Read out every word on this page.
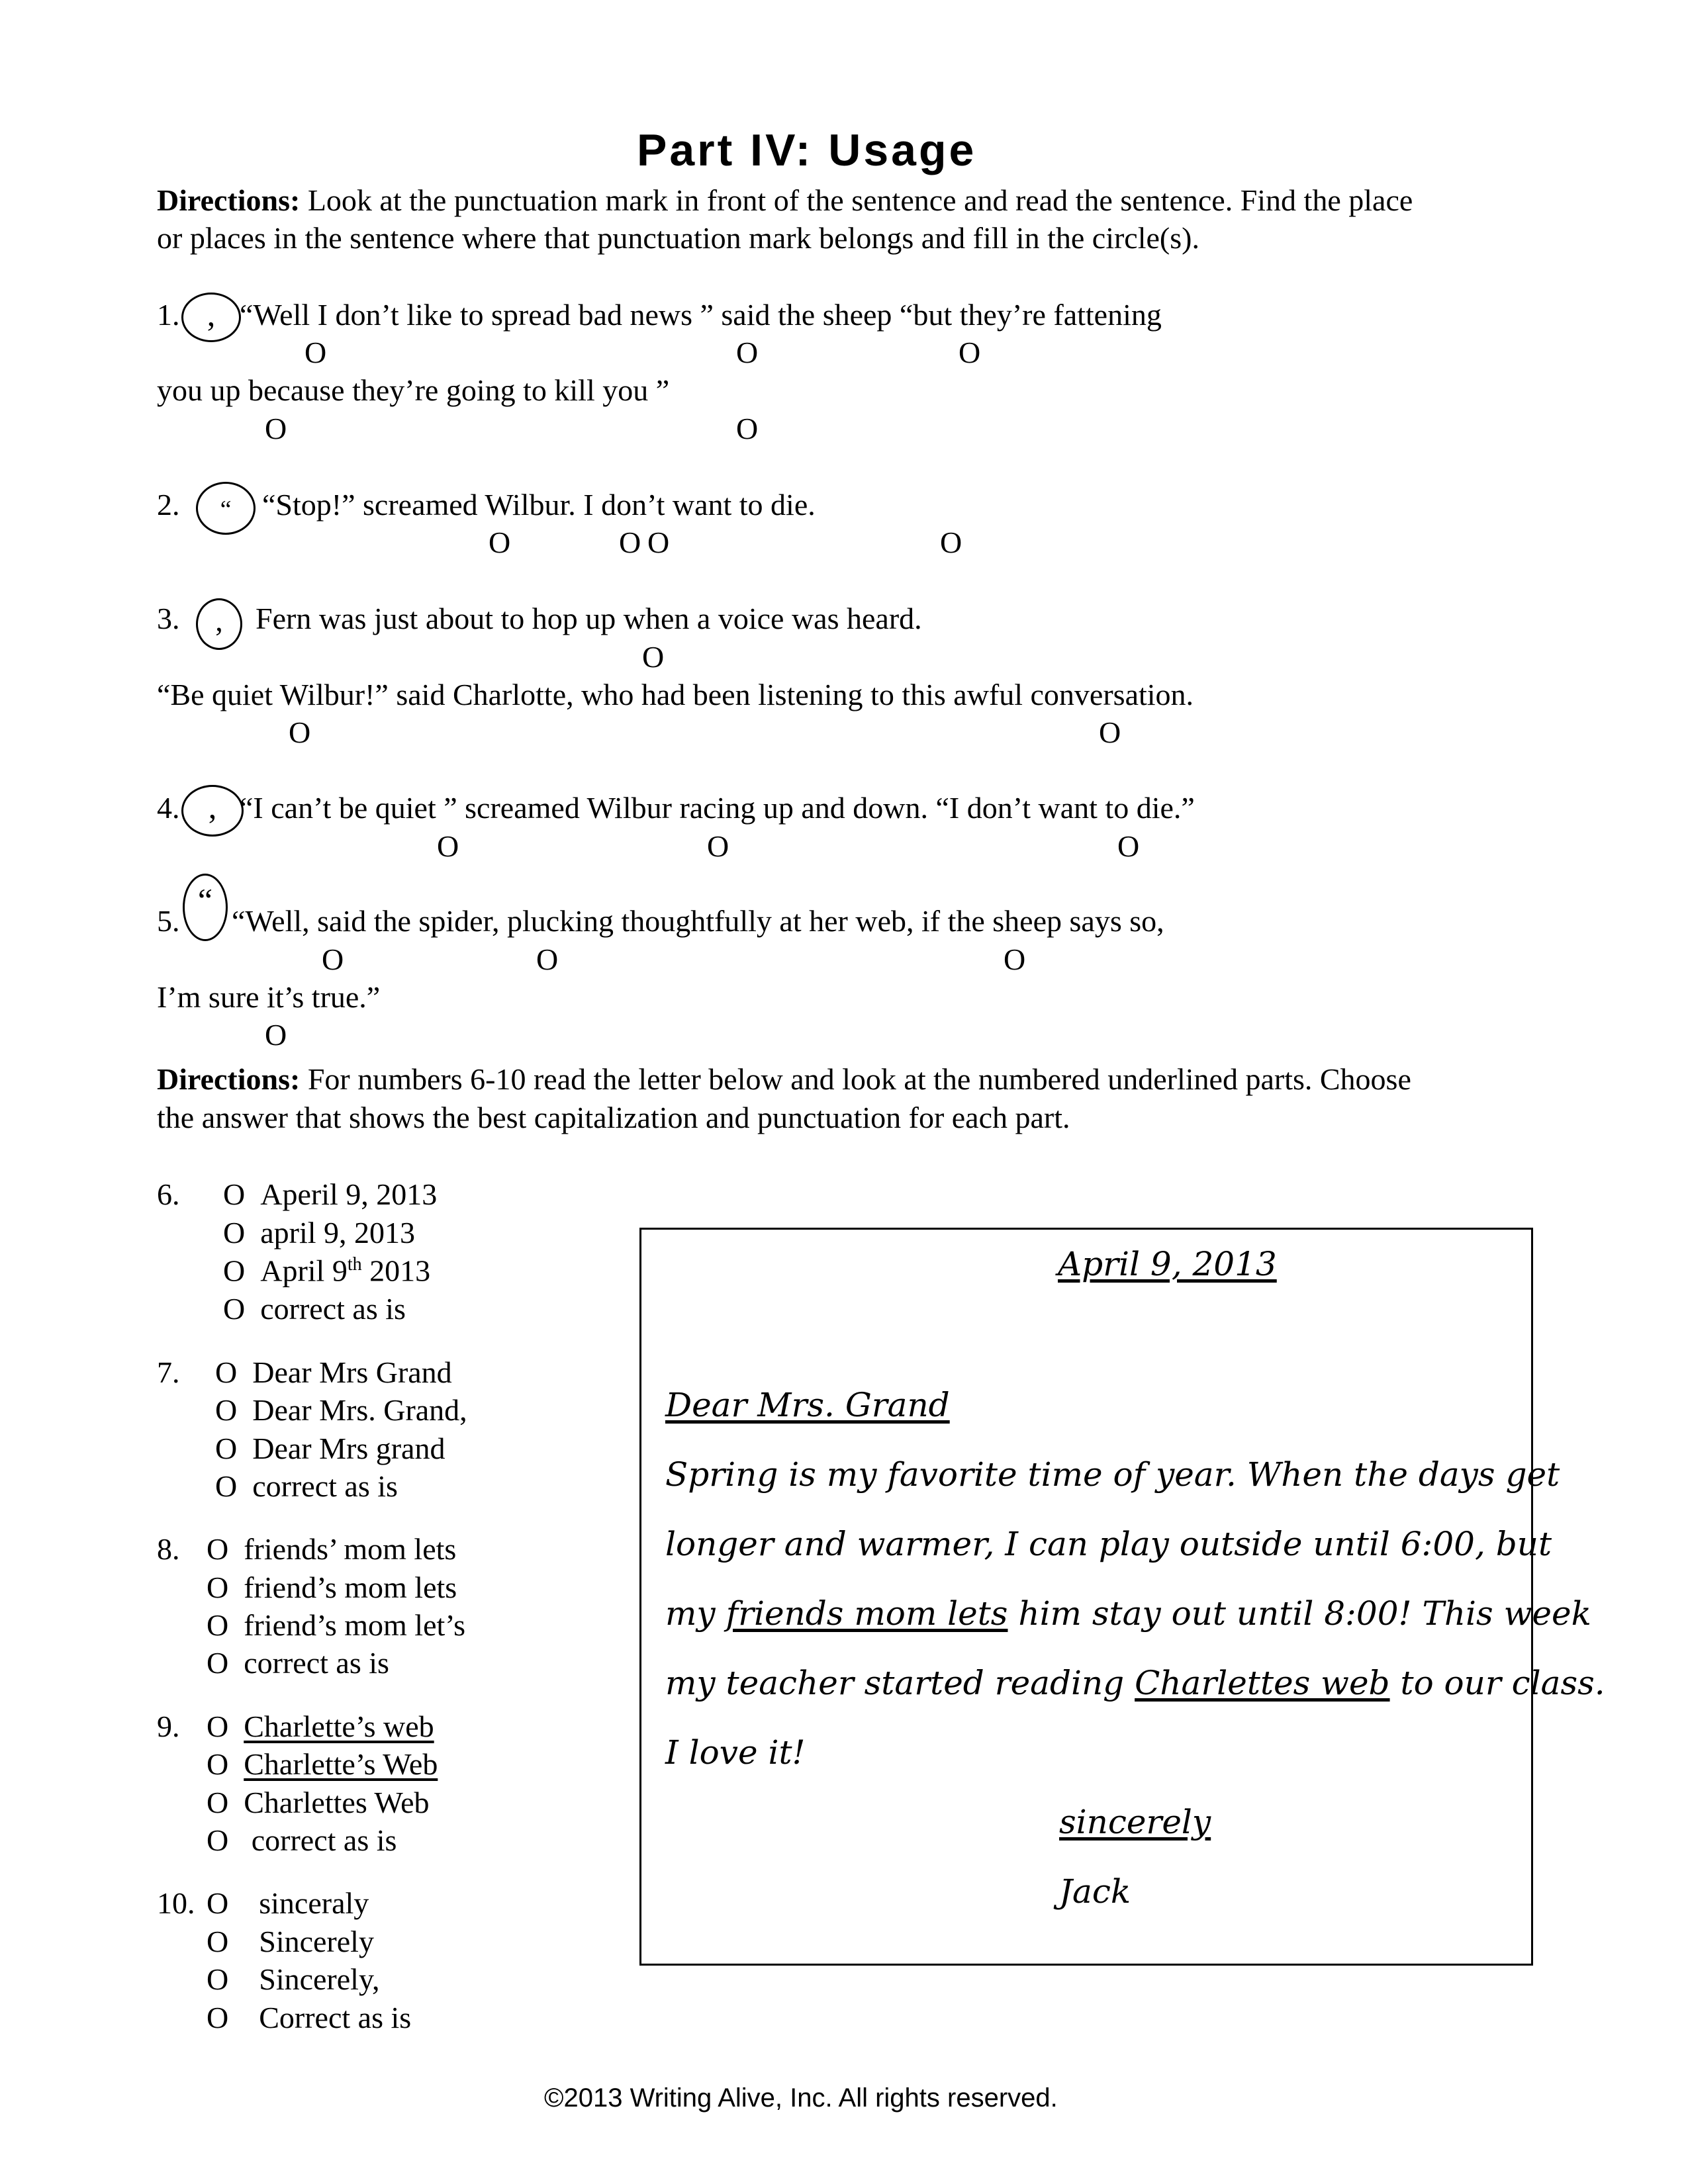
Part IV: Usage
Directions: Look at the punctuation mark in front of the sentence and read the sentence. Find the place
or places in the sentence where that punctuation mark belongs and fill in the circle(s).
1. , “Well I don’t like to spread bad news ” said the sheep “but they’re fattening
O	O	O
you up because they’re going to kill you ”
O	O
2.	“	“Stop!” screamed Wilbur. I don’t want to die.
O	O O	O
3.	,	Fern was just about to hop up when a voice was heard.
O
“Be quiet Wilbur!” said Charlotte, who had been listening to this awful conversation.
O	O
4. , “I can’t be quiet ” screamed Wilbur racing up and down. “I don’t want to die.”
O	O	O
5.
“
“Well, said the spider, plucking thoughtfully at her web, if the sheep says so,
O	O	O
I’m sure it’s true.”
O
Directions: For numbers 6-10 read the letter below and look at the numbered underlined parts. Choose
the answer that shows the best capitalization and punctuation for each part.
6. O Aperil 9, 2013
O april 9, 2013
O April 9th 2013
O correct as is
7. O Dear Mrs Grand
O Dear Mrs. Grand,
O Dear Mrs grand
O correct as is
8. O friends’ mom lets
O friend’s mom lets
O friend’s mom let’s
O correct as is
9. O Charlette’s web
O Charlette’s Web
O Charlettes Web
O correct as is
10. O sinceraly
O Sincerely
O Sincerely,
O Correct as is
April 9, 2013
Dear Mrs. Grand
Spring is my favorite time of year. When the days get
longer and warmer, I can play outside until 6:00, but
my friends mom lets him stay out until 8:00! This week
my teacher started reading Charlettes web to our class.
I love it!
sincerely
Jack
©2013 Writing Alive, Inc. All rights reserved.
